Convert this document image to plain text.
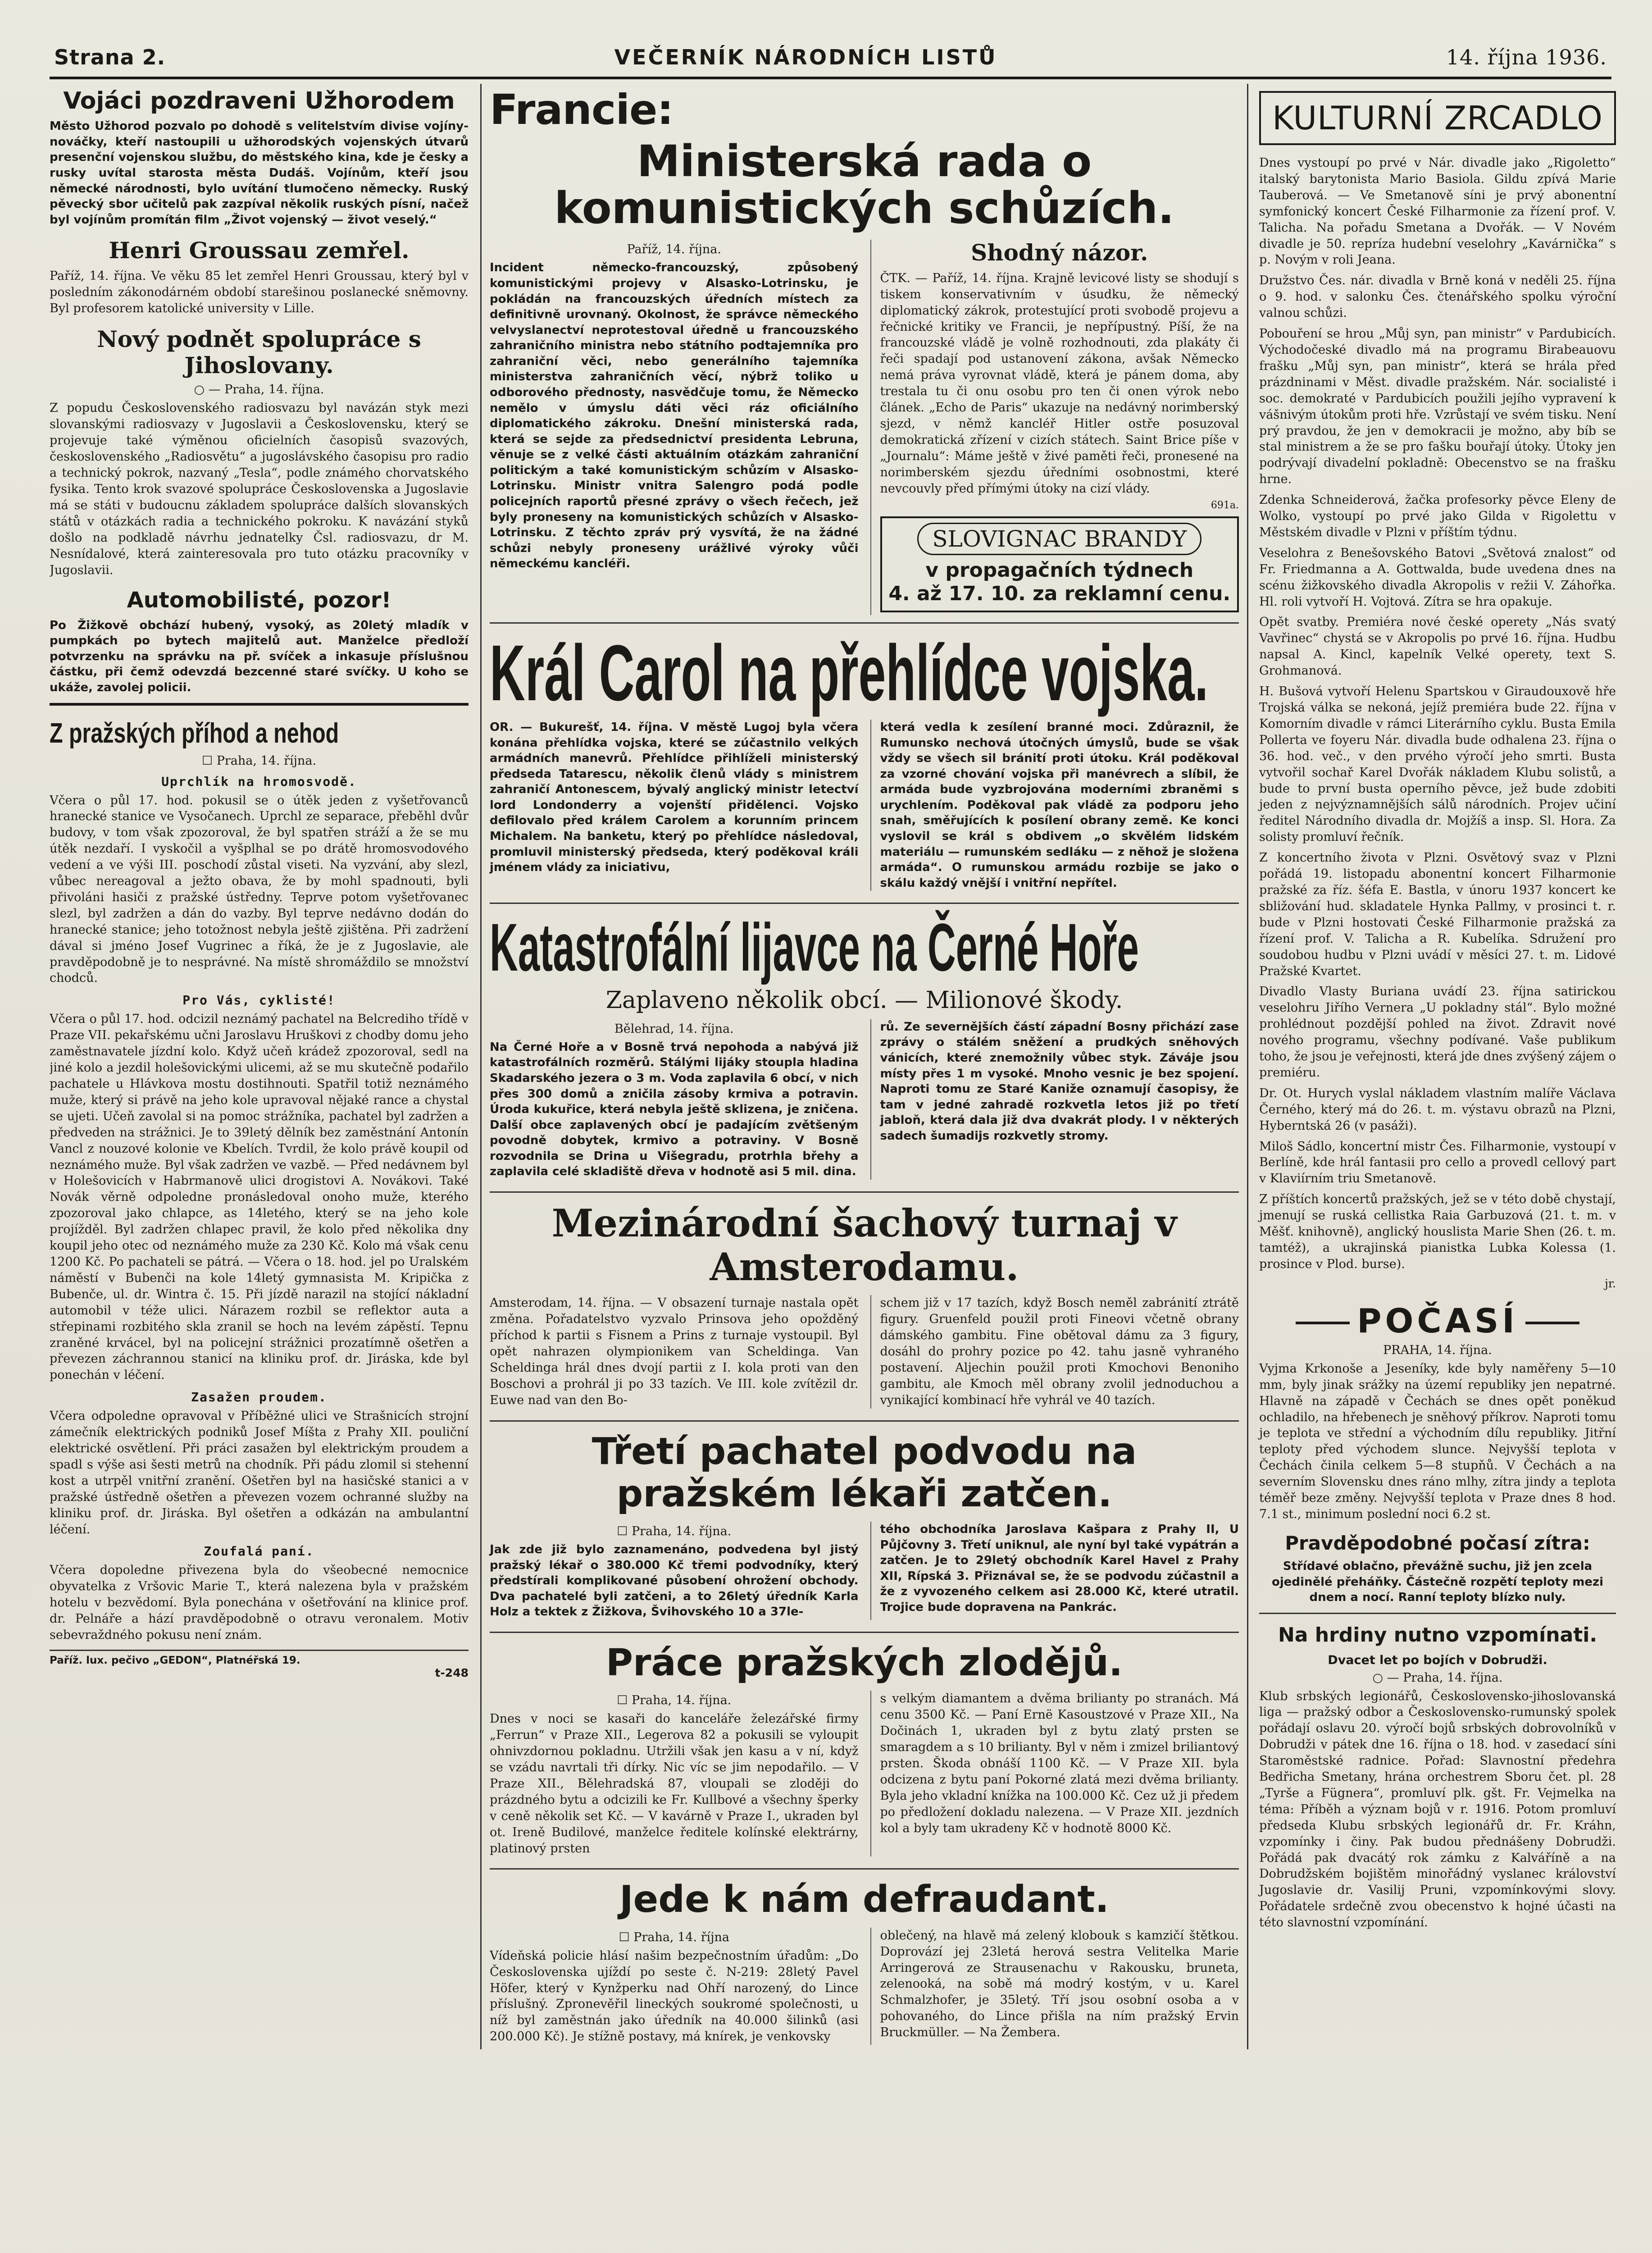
Strana 2.	VEČERNÍK NÁRODNÍCH LISTŮ	14. října 1936.
Vojáci pozdraveni Užhorodem

Město Užhorod pozvalo po dohodě s velitelstvím divise vojíny-nováčky, kteří nastoupili u užhorodských vojenských útvarů presenční vojenskou službu, do městského kina, kde je česky a rusky uvítal starosta města Dudáš. Vojínům, kteří jsou německé národnosti, bylo uvítání tlumočeno německy. Ruský pěvecký sbor učitelů pak zazpíval několik ruských písní, načež byl vojínům promítán film „Život vojenský — život veselý.“

Henri Groussau zemřel.

Paříž, 14. října. Ve věku 85 let zemřel Henri Groussau, který byl v posledním zákonodárném období starešinou poslanecké sněmovny. Byl profesorem katolické university v Lille.

Nový podnět spolupráce s Jihoslovany.
○ — Praha, 14. října.

Z popudu Československého radiosvazu byl navázán styk mezi slovanskými radiosvazy v Jugoslavii a Československu, který se projevuje také výměnou oficielních časopisů svazových, československého „Radiosvětu“ a jugoslávského časopisu pro radio a technický pokrok, nazvaný „Tesla“, podle známého chorvatského fysika. Tento krok svazové spolupráce Československa a Jugoslavie má se státi v budoucnu základem spolupráce dalších slovanských států v otázkách radia a technického pokroku. K navázání styků došlo na podkladě návrhu jednatelky Čsl. radiosvazu, dr M. Nesnídalové, která zainteresovala pro tuto otázku pracovníky v Jugoslavii.

Automobilisté, pozor!

Po Žižkově obchází hubený, vysoký, as 20letý mladík v pumpkách po bytech majitelů aut. Manželce předloží potvrzenku na správku na př. svíček a inkasuje příslušnou částku, při čemž odevzdá bezcenné staré svíčky. U koho se ukáže, zavolej policii.

Z pražských příhod a nehod
☐ Praha, 14. října.
Uprchlík na hromosvodě.

Včera o půl 17. hod. pokusil se o útěk jeden z vyšetřovanců hranecké stanice ve Vysočanech. Uprchl ze separace, přeběhl dvůr budovy, v tom však zpozoroval, že byl spatřen stráží a že se mu útěk nezdaří. I vyskočil a vyšplhal se po drátě hromosvodového vedení a ve výši III. poschodí zůstal viseti. Na vyzvání, aby slezl, vůbec nereagoval a ježto obava, že by mohl spadnouti, byli přivoláni hasiči z pražské ústředny. Teprve potom vyšetřovanec slezl, byl zadržen a dán do vazby. Byl teprve nedávno dodán do hranecké stanice; jeho totožnost nebyla ještě zjištěna. Při zadržení dával si jméno Josef Vugrinec a říká, že je z Jugoslavie, ale pravděpodobně je to nesprávné. Na místě shromáždilo se množství chodců.

Pro Vás, cyklisté!

Včera o půl 17. hod. odcizil neznámý pachatel na Belcrediho třídě v Praze VII. pekařskému učni Jaroslavu Hruškovi z chodby domu jeho zaměstnavatele jízdní kolo. Když učeň krádež zpozoroval, sedl na jiné kolo a jezdil holešovickými ulicemi, až se mu skutečně podařilo pachatele u Hlávkova mostu dostihnouti. Spatřil totiž neznámého muže, který si právě na jeho kole upravoval nějaké rance a chystal se ujeti. Učeň zavolal si na pomoc strážníka, pachatel byl zadržen a předveden na strážnici. Je to 39letý dělník bez zaměstnání Antonín Vancl z nouzové kolonie ve Kbelích. Tvrdil, že kolo právě koupil od neznámého muže. Byl však zadržen ve vazbě. — Před nedávnem byl v Holešovicích v Habrmanově ulici drogistovi A. Novákovi. Také Novák věrně odpoledne pronásledoval onoho muže, kterého zpozoroval jako chlapce, as 14letého, který se na jeho kole projížděl. Byl zadržen chlapec pravil, že kolo před několika dny koupil jeho otec od neznámého muže za 230 Kč. Kolo má však cenu 1200 Kč. Po pachateli se pátrá. — Včera o 18. hod. jel po Uralském náměstí v Bubenči na kole 14letý gymnasista M. Kripička z Bubenče, ul. dr. Wintra č. 15. Při jízdě narazil na stojící nákladní automobil v téže ulici. Nárazem rozbil se reflektor auta a střepinami rozbitého skla zranil se hoch na levém zápěstí. Tepnu zraněné krvácel, byl na policejní strážnici prozatímně ošetřen a převezen záchrannou stanicí na kliniku prof. dr. Jiráska, kde byl ponechán v léčení.

Zasažen proudem.

Včera odpoledne opravoval v Příběžné ulici ve Strašnicích strojní zámečník elektrických podniků Josef Míšta z Prahy XII. pouliční elektrické osvětlení. Při práci zasažen byl elektrickým proudem a spadl s výše asi šesti metrů na chodník. Při pádu zlomil si stehenní kost a utrpěl vnitřní zranění. Ošetřen byl na hasičské stanici a v pražské ústředně ošetřen a převezen vozem ochranné služby na kliniku prof. dr. Jiráska. Byl ošetřen a odkázán na ambulantní léčení.

Zoufalá paní.

Včera dopoledne přivezena byla do všeobecné nemocnice obyvatelka z Vršovic Marie T., která nalezena byla v pražském hotelu v bezvědomí. Byla ponechána v ošetřování na klinice prof. dr. Pelnáře a hází pravděpodobně o otravu veronalem. Motiv sebevraždného pokusu není znám.

Paříž. lux. pečivo „GEDON“, Platnéřská 19.
t-248
Francie:
Ministerská rada o komunistických schůzích.
Paříž, 14. října.

Incident německo-francouzský, způsobený komunistickými projevy v Alsasko-Lotrinsku, je pokládán na francouzských úředních místech za definitivně urovnaný. Okolnost, že správce německého velvyslanectví neprotestoval úředně u francouzského zahraničního ministra nebo státního podtajemníka pro zahraniční věci, nebo generálního tajemníka ministerstva zahraničních věcí, nýbrž toliko u odborového přednosty, nasvědčuje tomu, že Německo nemělo v úmyslu dáti věci ráz oficiálního diplomatického zákroku. Dnešní ministerská rada, která se sejde za předsednictví presidenta Lebruna, věnuje se z velké části aktuálním otázkám zahraniční politickým a také komunistickým schůzím v Alsasko-Lotrinsku. Ministr vnitra Salengro podá podle policejních raportů přesné zprávy o všech řečech, jež byly proneseny na komunistických schůzích v Alsasko-Lotrinsku. Z těchto zpráv prý vysvítá, že na žádné schůzi nebyly proneseny urážlivé výroky vůči německému kancléři.

Shodný názor.

ČTK. — Paříž, 14. října. Krajně levicové listy se shodují s tiskem konservativním v úsudku, že německý diplomatický zákrok, protestující proti svobodě projevu a řečnické kritiky ve Francii, je nepřípustný. Píší, že na francouzské vládě je volně rozhodnouti, zda plakáty či řeči spadají pod ustanovení zákona, avšak Německo nemá práva vyrovnat vládě, která je pánem doma, aby trestala tu či onu osobu pro ten či onen výrok nebo článek. „Echo de Paris“ ukazuje na nedávný norimberský sjezd, v němž kancléř Hitler ostře posuzoval demokratická zřízení v cizích státech. Saint Brice píše v „Journalu“: Máme ještě v živé paměti řeči, pronesené na norimberském sjezdu úředními osobnostmi, které nevcouvly před přímými útoky na cizí vlády.

691a.
SLOVIGNAC BRANDY
v propagačních týdnech
4. až 17. 10. za reklamní cenu.
Král Carol na přehlídce vojska.

OR. — Bukurešť, 14. října. V městě Lugoj byla včera konána přehlídka vojska, které se zúčastnilo velkých armádních manevrů. Přehlídce přihlíželi ministerský předseda Tatarescu, několik členů vlády s ministrem zahraničí Antonescem, bývalý anglický ministr letectví lord Londonderry a vojenští přidělenci. Vojsko defilovalo před králem Carolem a korunním princem Michalem. Na banketu, který po přehlídce následoval, promluvil ministerský předseda, který poděkoval králi jménem vlády za iniciativu,

která vedla k zesílení branné moci. Zdůraznil, že Rumunsko nechová útočných úmyslů, bude se však vždy se všech sil bránití proti útoku. Král poděkoval za vzorné chování vojska při manévrech a slíbil, že armáda bude vyzbrojována moderními zbraněmi s urychlením. Poděkoval pak vládě za podporu jeho snah, směřujících k posílení obrany země. Ke konci vyslovil se král s obdivem „o skvělém lidském materiálu — rumunském sedláku — z něhož je složena armáda“. O rumunskou armádu rozbije se jako o skálu každý vnější i vnitřní nepřítel.

Katastrofální lijavce na Černé Hoře
Zaplaveno několik obcí. — Milionové škody.
Bělehrad, 14. října.

Na Černé Hoře a v Bosně trvá nepohoda a nabývá již katastrofálních rozměrů. Stálými lijáky stoupla hladina Skadarského jezera o 3 m. Voda zaplavila 6 obcí, v nich přes 300 domů a zničila zásoby krmiva a potravin. Úroda kukuřice, která nebyla ještě sklizena, je zničena. Další obce zaplavených obcí je padajícím zvětšeným povodně dobytek, krmivo a potraviny. V Bosně rozvodnila se Drina u Višegradu, protrhla břehy a zaplavila celé skladiště dřeva v hodnotě asi 5 mil. dina.

rů. Ze severnějších částí západní Bosny přichází zase zprávy o stálém sněžení a prudkých sněhových vánicích, které znemožnily vůbec styk. Záváje jsou místy přes 1 m vysoké. Mnoho vesnic je bez spojení. Naproti tomu ze Staré Kaniže oznamují časopisy, že tam v jedné zahradě rozkvetla letos již po třetí jabloň, která dala již dva dvakrát plody. I v některých sadech šumadijs rozkvetly stromy.

Mezinárodní šachový turnaj v Amsterodamu.

Amsterodam, 14. října. — V obsazení turnaje nastala opět změna. Pořadatelstvo vyzvalo Prinsova jeho opožděný příchod k partii s Fisnem a Prins z turnaje vystoupil. Byl opět nahrazen olympionikem van Scheldinga. Van Scheldinga hrál dnes dvojí partii z I. kola proti van den Boschovi a prohrál ji po 33 tazích. Ve III. kole zvítězil dr. Euwe nad van den Bo-

schem již v 17 tazích, když Bosch neměl zabránití ztrátě figury. Gruenfeld použil proti Fineovi včetně obrany dámského gambitu. Fine obětoval dámu za 3 figury, dosáhl do prohry pozice po 42. tahu jasně vyhraného postavení. Aljechin použil proti Kmochovi Benoniho gambitu, ale Kmoch měl obrany zvolil jednoduchou a vynikající kombinací hře vyhrál ve 40 tazích.

Třetí pachatel podvodu na pražském lékaři zatčen.
☐ Praha, 14. října.

Jak zde již bylo zaznamenáno, podvedena byl jistý pražský lékař o 380.000 Kč třemi podvodníky, který předstírali komplikované působení ohrožení obchody. Dva pachatelé byli zatčeni, a to 26letý úředník Karla Holz a tektek z Žižkova, Švihovského 10 a 37le-

tého obchodníka Jaroslava Kašpara z Prahy II, U Půjčovny 3. Třetí uniknul, ale nyní byl také vypátrán a zatčen. Je to 29letý obchodník Karel Havel z Prahy XII, Rípská 3. Přiznával se, že se podvodu zúčastnil a že z vyvozeného celkem asi 28.000 Kč, které utratil. Trojice bude dopravena na Pankrác.

Práce pražských zlodějů.
☐ Praha, 14. října.

Dnes v noci se kasaři do kanceláře železářské firmy „Ferrun“ v Praze XII., Legerova 82 a pokusili se vyloupit ohnivzdornou pokladnu. Utržili však jen kasu a v ní, když se vzádu navrtali tři dírky. Nic víc se jim nepodařilo. — V Praze XII., Bělehradská 87, vloupali se zloději do prázdného bytu a odcizili ke Fr. Kullbové a všechny šperky v ceně několik set Kč. — V kavárně v Praze I., ukraden byl ot. Ireně Budilové, manželce ředitele kolínské elektrárny, platinový prsten

s velkým diamantem a dvěma brilianty po stranách. Má cenu 3500 Kč. — Paní Ernë Kasoustzové v Praze XII., Na Dočinách 1, ukraden byl z bytu zlatý prsten se smaragdem a s 10 brilianty. Byl v něm i zmizel briliantový prsten. Škoda obnáší 1100 Kč. — V Praze XII. byla odcizena z bytu paní Pokorné zlatá mezi dvěma brilianty. Byla jeho vkladní knížka na 100.000 Kč. Cez už ji předem po předložení dokladu nalezena. — V Praze XII. jezdních kol a byly tam ukradeny Kč v hodnotě 8000 Kč.

Jede k nám defraudant.
☐ Praha, 14. října

Vídeňská policie hlásí našim bezpečnostním úřadům: „Do Československa ujíždí po seste č. N-219: 28letý Pavel Höfer, který v Kynžperku nad Ohří narozený, do Lince příslušný. Zpronevěřil lineckých soukromé společnosti, u níž byl zaměstnán jako úředník na 40.000 šilinků (asi 200.000 Kč). Je stížně postavy, má knírek, je venkovsky

oblečený, na hlavě má zelený klobouk s kamzičí štětkou. Doprovází jej 23letá herová sestra Velitelka Marie Arringerová ze Strausenachu v Rakousku, bruneta, zelenooká, na sobě má modrý kostým, v u. Karel Schmalzhofer, je 35letý. Tří jsou osobní osoba a v pohovaného, do Lince přišla na ním pražský Ervin Bruckmüller. — Na Žembera.

KULTURNÍ ZRCADLO

Dnes vystoupí po prvé v Nár. divadle jako „Rigoletto“ italský barytonista Mario Basiola. Gildu zpívá Marie Tauberová. — Ve Smetanově síni je prvý abonentní symfonický koncert České Filharmonie za řízení prof. V. Talicha. Na pořadu Smetana a Dvořák. — V Novém divadle je 50. repríza hudební veselohry „Kavárnička“ s p. Novým v roli Jeana.

Družstvo Čes. nár. divadla v Brně koná v neděli 25. října o 9. hod. v salonku Čes. čtenářského spolku výroční valnou schůzi.

Pobouření se hrou „Můj syn, pan ministr“ v Pardubicích. Východočeské divadlo má na programu Birabeauovu frašku „Můj syn, pan ministr“, která se hrála před prázdninami v Měst. divadle pražském. Nár. socialisté i soc. demokraté v Pardubicích použili jejího vypravení k vášnivým útokům proti hře. Vzrůstají ve svém tisku. Není prý pravdou, že jen v demokracii je možno, aby bíb se stal ministrem a že se pro fašku bouřají útoky. Útoky jen podrývají divadelní pokladně: Obecenstvo se na frašku hrne.

Zdenka Schneiderová, žačka profesorky pěvce Eleny de Wolko, vystoupí po prvé jako Gilda v Rigolettu v Městském divadle v Plzni v příštím týdnu.

Veselohra z Benešovského Batovi „Světová znalost“ od Fr. Friedmanna a A. Gottwalda, bude uvedena dnes na scénu žižkovského divadla Akropolis v režii V. Záhořka. Hl. roli vytvoří H. Vojtová. Zítra se hra opakuje.

Opět svatby. Premiéra nové české operety „Nás svatý Vavřinec“ chystá se v Akropolis po prvé 16. října. Hudbu napsal A. Kincl, kapelník Velké operety, text S. Grohmanová.

H. Bušová vytvoří Helenu Spartskou v Giraudouxově hře Trojská válka se nekoná, jejíž premiéra bude 22. října v Komorním divadle v rámci Literárního cyklu. Busta Emila Pollerta ve foyeru Nár. divadla bude odhalena 23. října o 36. hod. več., v den prvého výročí jeho smrti. Busta vytvořil sochař Karel Dvořák nákladem Klubu solistů, a bude to první busta operního pěvce, jež bude zdobiti jeden z nejvýznamnějších sálů národních. Projev učiní ředitel Národního divadla dr. Mojžíš a insp. Sl. Hora. Za solisty promluví řečník.

Z koncertního života v Plzni. Osvětový svaz v Plzni pořádá 19. listopadu abonentní koncert Filharmonie pražské za říz. šéfa E. Bastla, v únoru 1937 koncert ke sbližování hud. skladatele Hynka Pallmy, v prosinci t. r. bude v Plzni hostovati České Filharmonie pražská za řízení prof. V. Talicha a R. Kubelíka. Sdružení pro soudobou hudbu v Plzni uvádí v měsíci 27. t. m. Lidové Pražské Kvartet.

Divadlo Vlasty Buriana uvádí 23. října satirickou veselohru Jiřího Vernera „U pokladny stál“. Bylo možné prohlédnout pozdější pohled na život. Zdravit nové nového programu, všechny podívané. Vaše publikum toho, že jsou je veřejnosti, která jde dnes zvýšený zájem o premiéru.

Dr. Ot. Hurych vyslal nákladem vlastním malíře Václava Černého, který má do 26. t. m. výstavu obrazů na Plzni, Hyberntská 26 (v pasáži).

Miloš Sádlo, koncertní mistr Čes. Filharmonie, vystoupí v Berlíně, kde hrál fantasii pro cello a provedl cellový part v Klaviírním triu Smetanově.

Z příštích koncertů pražských, jež se v této době chystají, jmenují se ruská cellistka Raia Garbuzová (21. t. m. v Měšť. knihovně), anglický houslista Marie Shen (26. t. m. tamtéž), a ukrajinská pianistka Lubka Kolessa (1. prosince v Plod. burse).

jr.
POČASÍ
PRAHA, 14. října.

Vyjma Krkonoše a Jeseníky, kde byly naměřeny 5—10 mm, byly jinak srážky na území republiky jen nepatrné. Hlavně na západě v Čechách se dnes opět poněkud ochladilo, na hřebenech je sněhový příkrov. Naproti tomu je teplota ve střední a východním dílu republiky. Jitřní teploty před východem slunce. Nejvyšší teplota v Čechách činila celkem 5—8 stupňů. V Čechách a na severním Slovensku dnes ráno mlhy, zítra jindy a teplota téměř beze změny. Nejvyšší teplota v Praze dnes 8 hod. 7.1 st., minimum poslední noci 6.2 st.

Pravděpodobné počasí zítra:

Střídavé oblačno, převážně suchu, již jen zcela ojedinělé přeháňky. Částečně rozpětí teploty mezi dnem a nocí. Ranní teploty blízko nuly.

Na hrdiny nutno vzpomínati.
Dvacet let po bojích v Dobrudži.
○ — Praha, 14. října.

Klub srbských legionářů, Československo-jihoslovanská liga — pražský odbor a Československo-rumunský spolek pořádají oslavu 20. výročí bojů srbských dobrovolníků v Dobrudži v pátek dne 16. října o 18. hod. v zasedací síni Staroměstské radnice. Pořad: Slavnostní předehra Bedřicha Smetany, hrána orchestrem Sboru čet. pl. 28 „Tyrše a Fügnera“, promluví plk. gšt. Fr. Vejmelka na téma: Příběh a význam bojů v r. 1916. Potom promluví předseda Klubu srbských legionářů dr. Fr. Kráhn, vzpomínky i činy. Pak budou přednášeny Dobrudži. Pořádá pak dvacátý rok zámku z Kalváříně a na Dobrudžském bojištěm minořádný vyslanec království Jugoslavie dr. Vasilij Pruni, vzpomínkovými slovy. Pořádatele srdečně zvou obecenstvo k hojné účasti na této slavnostní vzpomínání.
